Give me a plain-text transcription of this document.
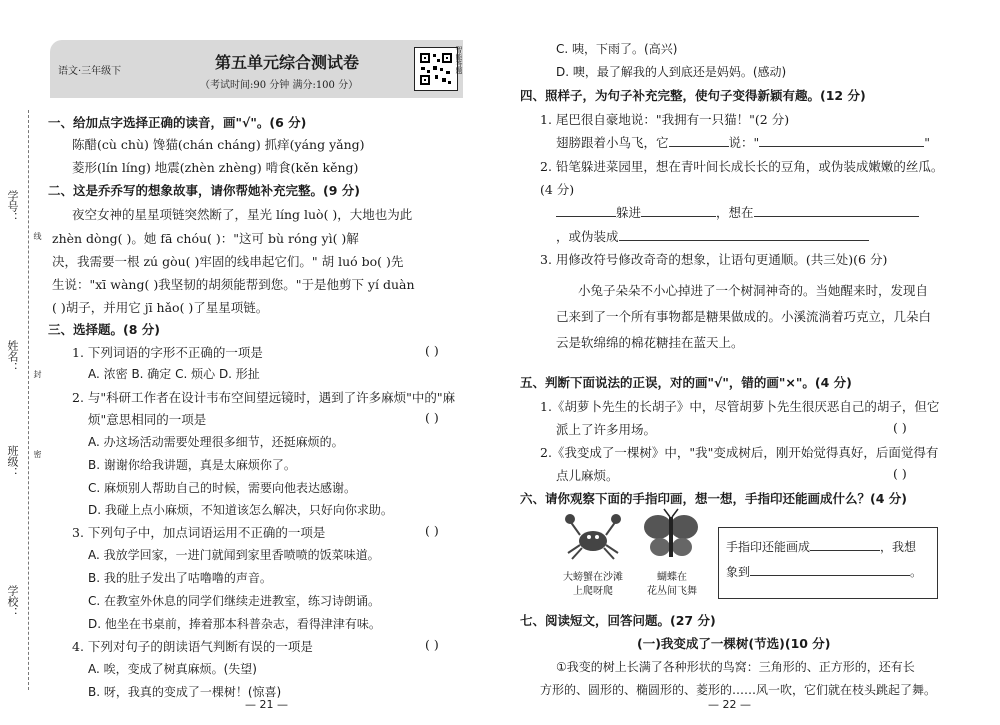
学号：
姓名：
班级：
学校：
线
封
密
语文·三年级下	第五单元综合测试卷
（考试时间:90 分钟 满分:100 分）
智能答题
一、给加点字选择正确的读音，画"√"。(6 分)
陈醋(cù chù) 馋猫(chán cháng) 抓痒(yáng yǎng)
菱形(lín líng) 地震(zhèn zhèng) 啃食(kěn kěng)
二、这是乔乔写的想象故事，请你帮她补充完整。(9 分)
夜空女神的星星项链突然断了，星光 líng luò( )，大地也为此
zhèn dòng( )。她 fā chóu( )："这可 bù róng yì( )解
决，我需要一根 zú gòu( )牢固的线串起它们。" 胡 luó bo( )先
生说："xī wàng( )我坚韧的胡须能帮到您。"于是他剪下 yí duàn
( )胡子，并用它 jī hǎo( )了星星项链。
三、选择题。(8 分)
1. 下列词语的字形不正确的一项是	( )
A. 浓密 B. 确定 C. 烦心 D. 形扯
2. 与"科研工作者在设计韦布空间望远镜时，遇到了许多麻烦"中的"麻
烦"意思相同的一项是	( )
A. 办这场活动需要处理很多细节，还挺麻烦的。
B. 谢谢你给我讲题，真是太麻烦你了。
C. 麻烦别人帮助自己的时候，需要向他表达感谢。
D. 我碰上点小麻烦，不知道该怎么解决，只好向你求助。
3. 下列句子中，加点词语运用不正确的一项是	( )
A. 我放学回家，一进门就闻到家里香喷喷的饭菜味道。
B. 我的肚子发出了咕噜噜的声音。
C. 在教室外休息的同学们继续走进教室，练习诗朗诵。
D. 他坐在书桌前，捧着那本科普杂志，看得津津有味。
4. 下列对句子的朗读语气判断有误的一项是	( )
A. 唉，变成了树真麻烦。(失望)
B. 呀，我真的变成了一棵树！(惊喜)
— 21 —
C. 咦，下雨了。(高兴)
D. 噢，最了解我的人到底还是妈妈。(感动)
四、照样子，为句子补充完整，使句子变得新颖有趣。(12 分)
1. 尾巴很自豪地说："我拥有一只猫！"(2 分)
翅膀跟着小鸟飞，它	说："	"
2. 铅笔躲进菜园里，想在青叶间长成长长的豆角，或伪装成嫩嫩的丝瓜。
(4 分)
躲进	，想在
，或伪装成
3. 用修改符号修改奇奇的想象，让语句更通顺。(共三处)(6 分)
小兔子朵朵不小心掉进了一个树洞神奇的。当她醒来时，发现自
己来到了一个所有事物都是糖果做成的。小溪流淌着巧克立，几朵白
云是软绵绵的棉花糖挂在蓝天上。
五、判断下面说法的正误，对的画"√"，错的画"×"。(4 分)
1.《胡萝卜先生的长胡子》中，尽管胡萝卜先生很厌恶自己的胡子，但它
派上了许多用场。	( )
2.《我变成了一棵树》中，"我"变成树后，刚开始觉得真好，后面觉得有
点儿麻烦。	( )
六、请你观察下面的手指印画，想一想，手指印还能画成什么？(4 分)
大螃蟹在沙滩
上爬呀爬
蝴蝶在
花丛间飞舞
手指印还能画成	，我想
象到	。
七、阅读短文，回答问题。(27 分)
(一)我变成了一棵树(节选)(10 分)
①我变的树上长满了各种形状的鸟窝：三角形的、正方形的，还有长
方形的、圆形的、椭圆形的、菱形的……风一吹，它们就在枝头跳起了舞。
— 22 —
